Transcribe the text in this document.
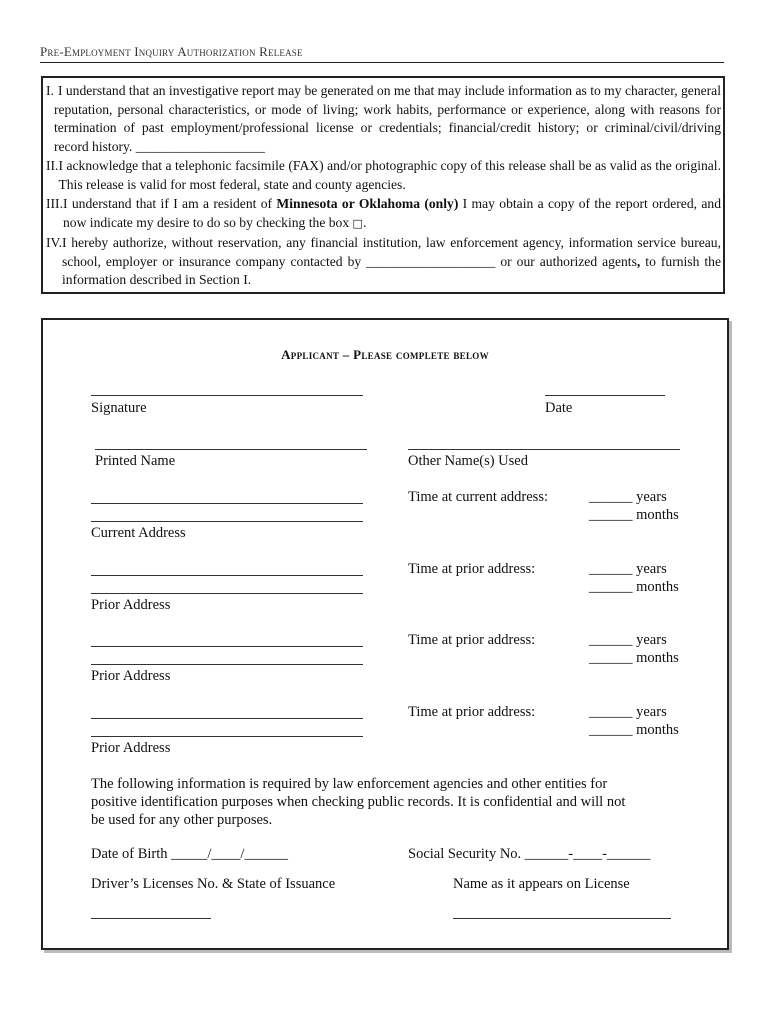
Pre-Employment Inquiry Authorization Release
I. I understand that an investigative report may be generated on me that may include information as to my character, general reputation, personal characteristics, or mode of living; work habits, performance or experience, along with reasons for termination of past employment/professional license or credentials; financial/credit history; or criminal/civil/driving record history. ___________________
II. I acknowledge that a telephonic facsimile (FAX) and/or photographic copy of this release shall be as valid as the original. This release is valid for most federal, state and county agencies.
III. I understand that if I am a resident of Minnesota or Oklahoma (only) I may obtain a copy of the report ordered, and now indicate my desire to do so by checking the box □.
IV. I hereby authorize, without reservation, any financial institution, law enforcement agency, information service bureau, school, employer or insurance company contacted by ___________________ or our authorized agents, to furnish the information described in Section I.
Applicant – Please complete below
Signature	Date
Printed Name	Other Name(s) Used
Current Address
Time at current address:	______ years
______ months
Prior Address
Time at prior address:	______ years
______ months
Prior Address
Time at prior address:	______ years
______ months
Prior Address
Time at prior address:	______ years
______ months
The following information is required by law enforcement agencies and other entities for positive identification purposes when checking public records. It is confidential and will not be used for any other purposes.
Date of Birth _____/____/______	Social Security No. ______-____-______
Driver’s Licenses No. & State of Issuance	Name as it appears on License
